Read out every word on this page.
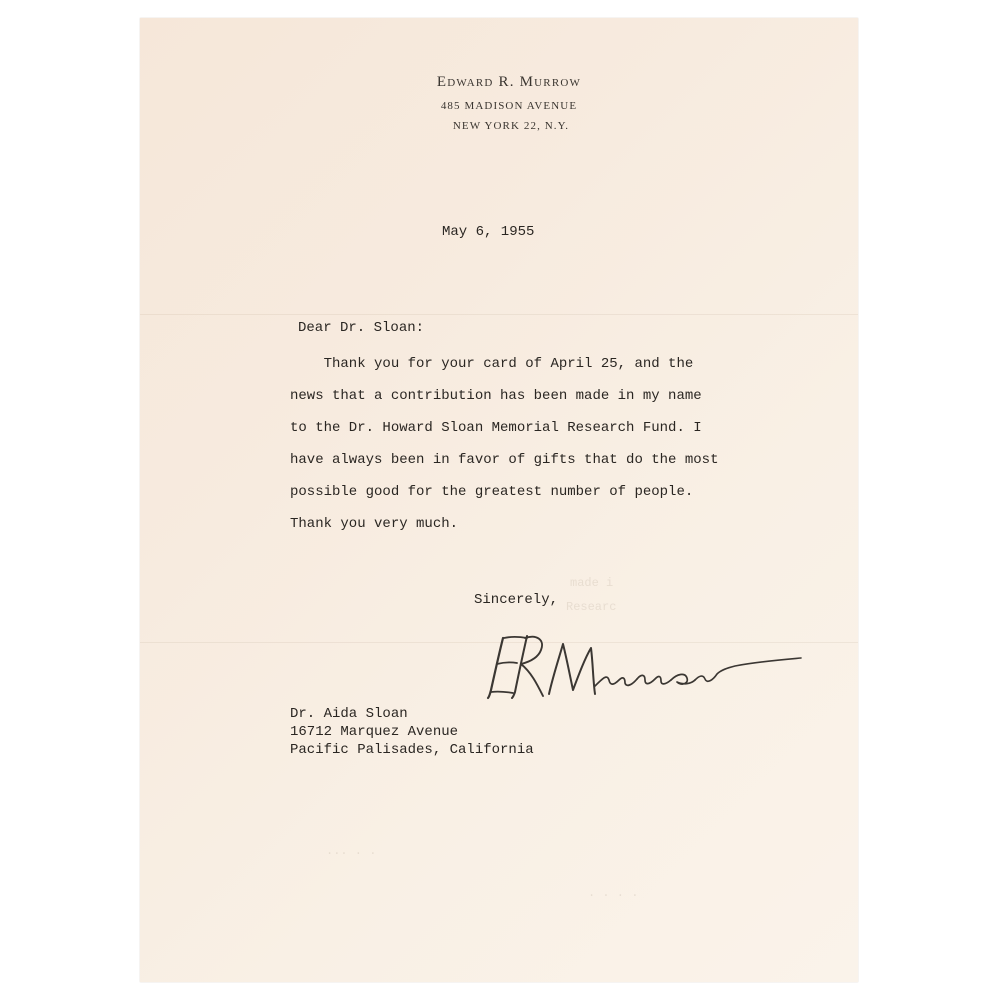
made i
Researc
... . .
. . . .
Edward R. Murrow
485 MADISON AVENUE
NEW YORK 22, N.Y.
May 6, 1955
Dear Dr. Sloan:
Thank you for your card of April 25, and the
news that a contribution has been made in my name
to the Dr. Howard Sloan Memorial Research Fund. I
have always been in favor of gifts that do the most
possible good for the greatest number of people.
Thank you very much.
Sincerely,
Dr. Aida Sloan
16712 Marquez Avenue
Pacific Palisades, California
